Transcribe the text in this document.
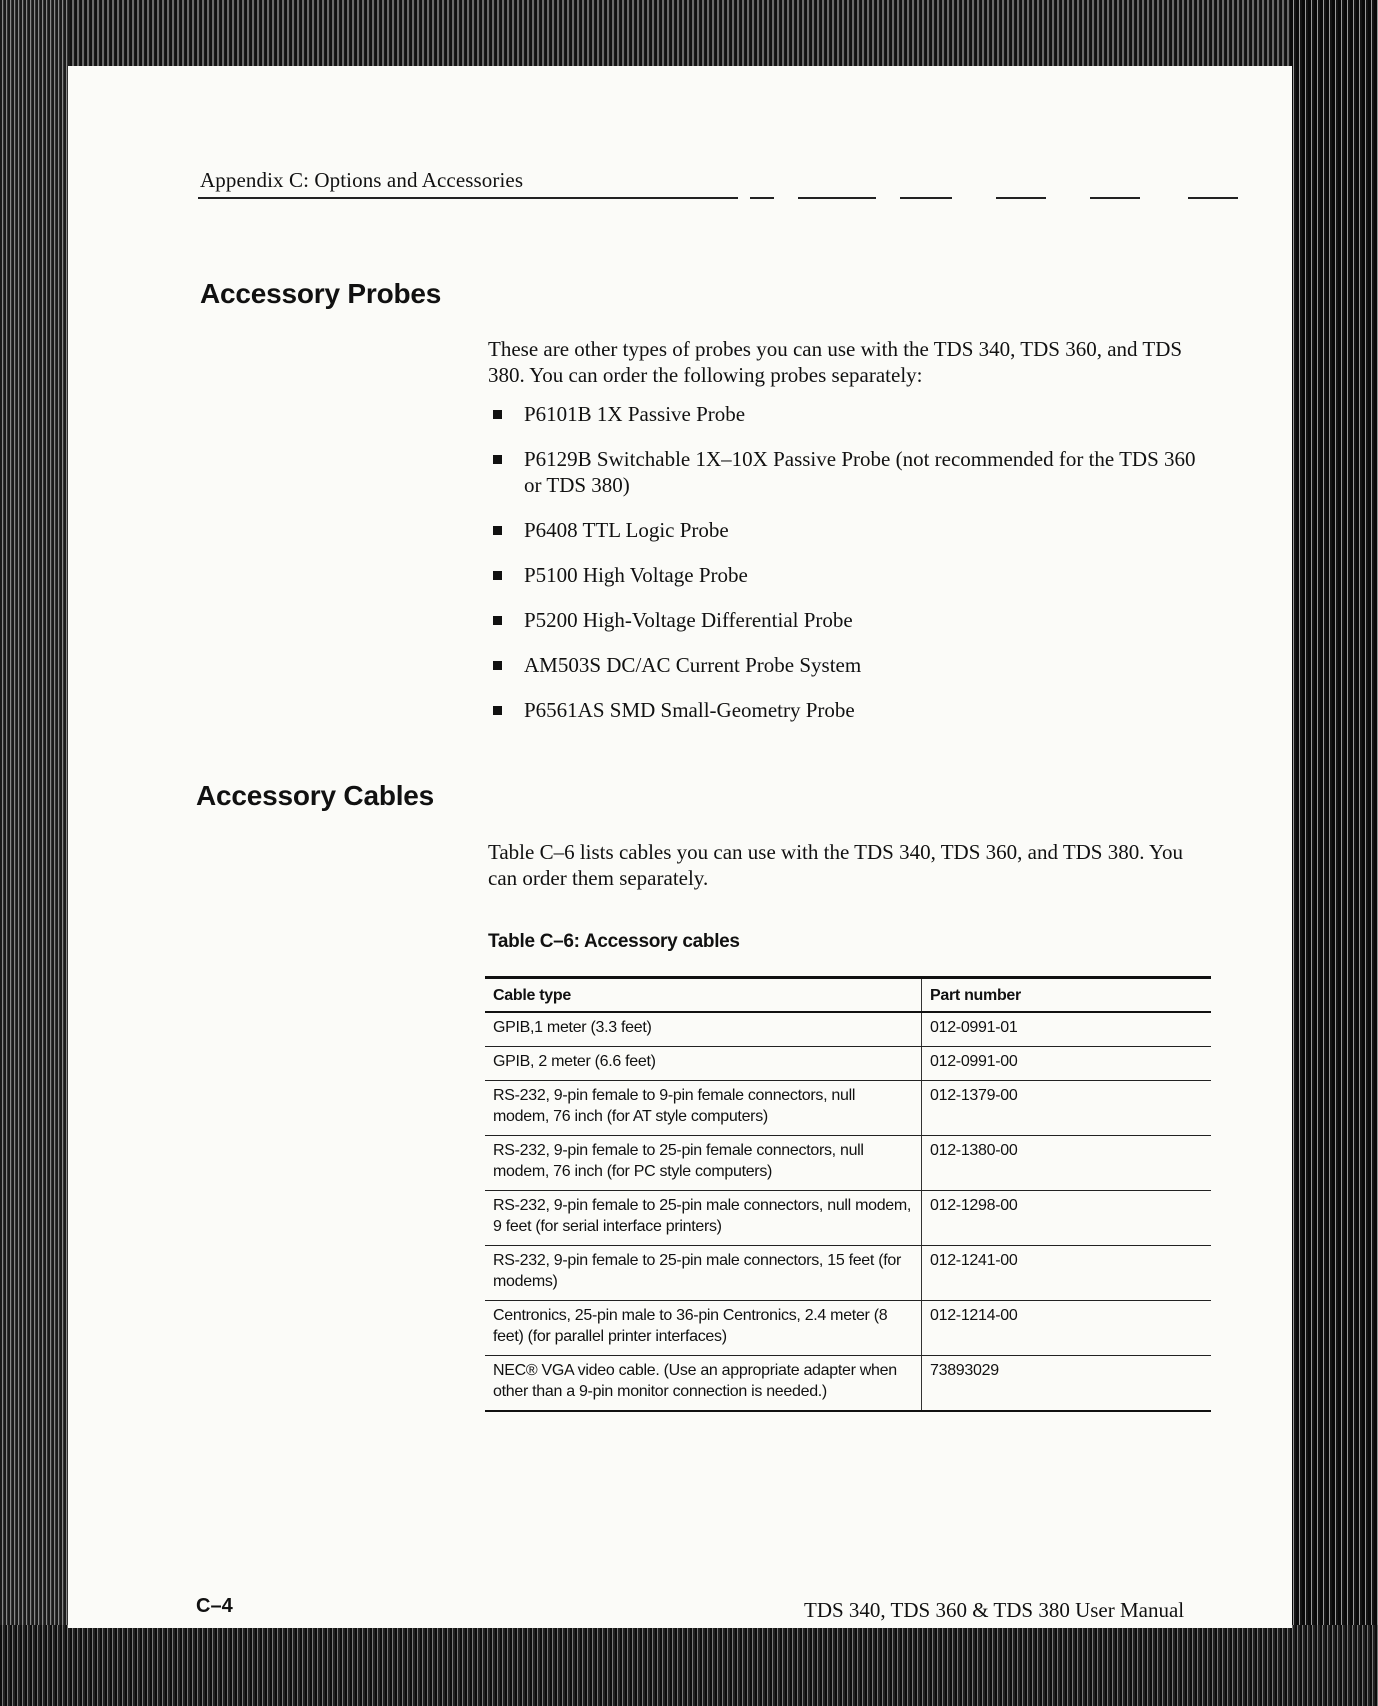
Appendix C: Options and Accessories
Accessory Probes

These are other types of probes you can use with the TDS 340, TDS 360, and TDS 380. You can order the following probes separately:

P6101B 1X Passive Probe
P6129B Switchable 1X–10X Passive Probe (not recommended for the TDS 360 or TDS 380)
P6408 TTL Logic Probe
P5100 High Voltage Probe
P5200 High-Voltage Differential Probe
AM503S DC/AC Current Probe System
P6561AS SMD Small-Geometry Probe
Accessory Cables

Table C–6 lists cables you can use with the TDS 340, TDS 360, and TDS 380. You can order them separately.

Table C–6: Accessory cables

Cable type	Part number
GPIB,1 meter (3.3 feet)	012-0991-01
GPIB, 2 meter (6.6 feet)	012-0991-00
RS-232, 9-pin female to 9-pin female connectors, null modem, 76 inch (for AT style computers)	012-1379-00
RS-232, 9-pin female to 25-pin female connectors, null modem, 76 inch (for PC style computers)	012-1380-00
RS-232, 9-pin female to 25-pin male connectors, null modem, 9 feet (for serial interface printers)	012-1298-00
RS-232, 9-pin female to 25-pin male connectors, 15 feet (for modems)	012-1241-00
Centronics, 25-pin male to 36-pin Centronics, 2.4 meter (8 feet) (for parallel printer interfaces)	012-1214-00
NEC® VGA video cable. (Use an appropriate adapter when other than a 9-pin monitor connection is needed.)	73893029
C–4	TDS 340, TDS 360 & TDS 380 User Manual
